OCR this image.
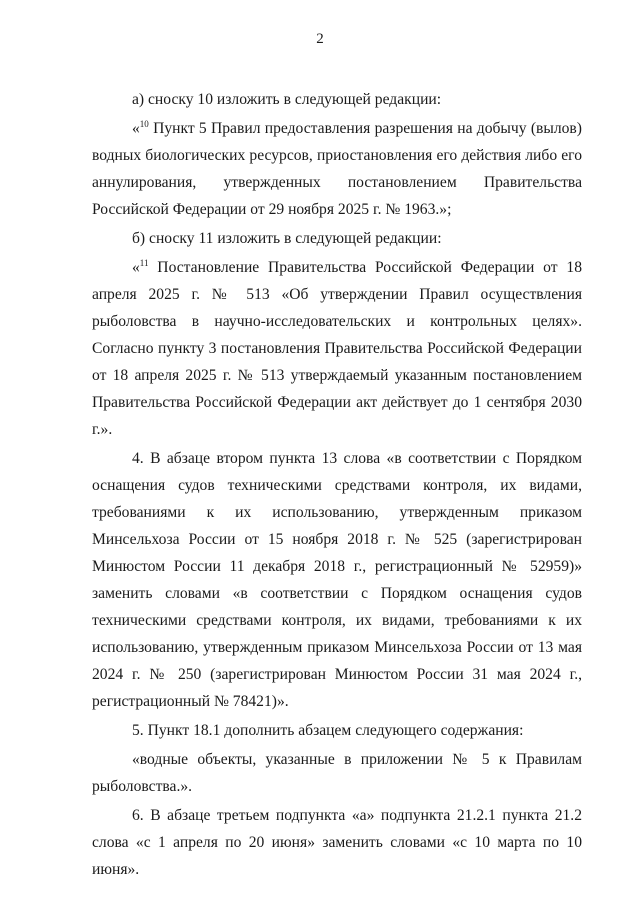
2

а) сноску 10 изложить в следующей редакции:

«$^{10}$ Пункт 5 Правил предоставления разрешения на добычу (вылов) водных биологических ресурсов, приостановления его действия либо его аннулирования, утвержденных постановлением Правительства Российской Федерации от 29 ноября 2025 г. № 1963.»;

б) сноску 11 изложить в следующей редакции:

«$^{11}$ Постановление Правительства Российской Федерации от 18 апреля 2025 г. № 513 «Об утверждении Правил осуществления рыболовства в научно-исследовательских и контрольных целях». Согласно пункту 3 постановления Правительства Российской Федерации от 18 апреля 2025 г. № 513 утверждаемый указанным постановлением Правительства Российской Федерации акт действует до 1 сентября 2030 г.».

4. В абзаце втором пункта 13 слова «в соответствии с Порядком оснащения судов техническими средствами контроля, их видами, требованиями к их использованию, утвержденным приказом Минсельхоза России от 15 ноября 2018 г. № 525 (зарегистрирован Минюстом России 11 декабря 2018 г., регистрационный № 52959)» заменить словами «в соответствии с Порядком оснащения судов техническими средствами контроля, их видами, требованиями к их использованию, утвержденным приказом Минсельхоза России от 13 мая 2024 г. № 250 (зарегистрирован Минюстом России 31 мая 2024 г., регистрационный № 78421)».

5. Пункт 18.1 дополнить абзацем следующего содержания:

«водные объекты, указанные в приложении № 5 к Правилам рыболовства.».

6. В абзаце третьем подпункта «а» подпункта 21.2.1 пункта 21.2 слова «с 1 апреля по 20 июня» заменить словами «с 10 марта по 10 июня».
